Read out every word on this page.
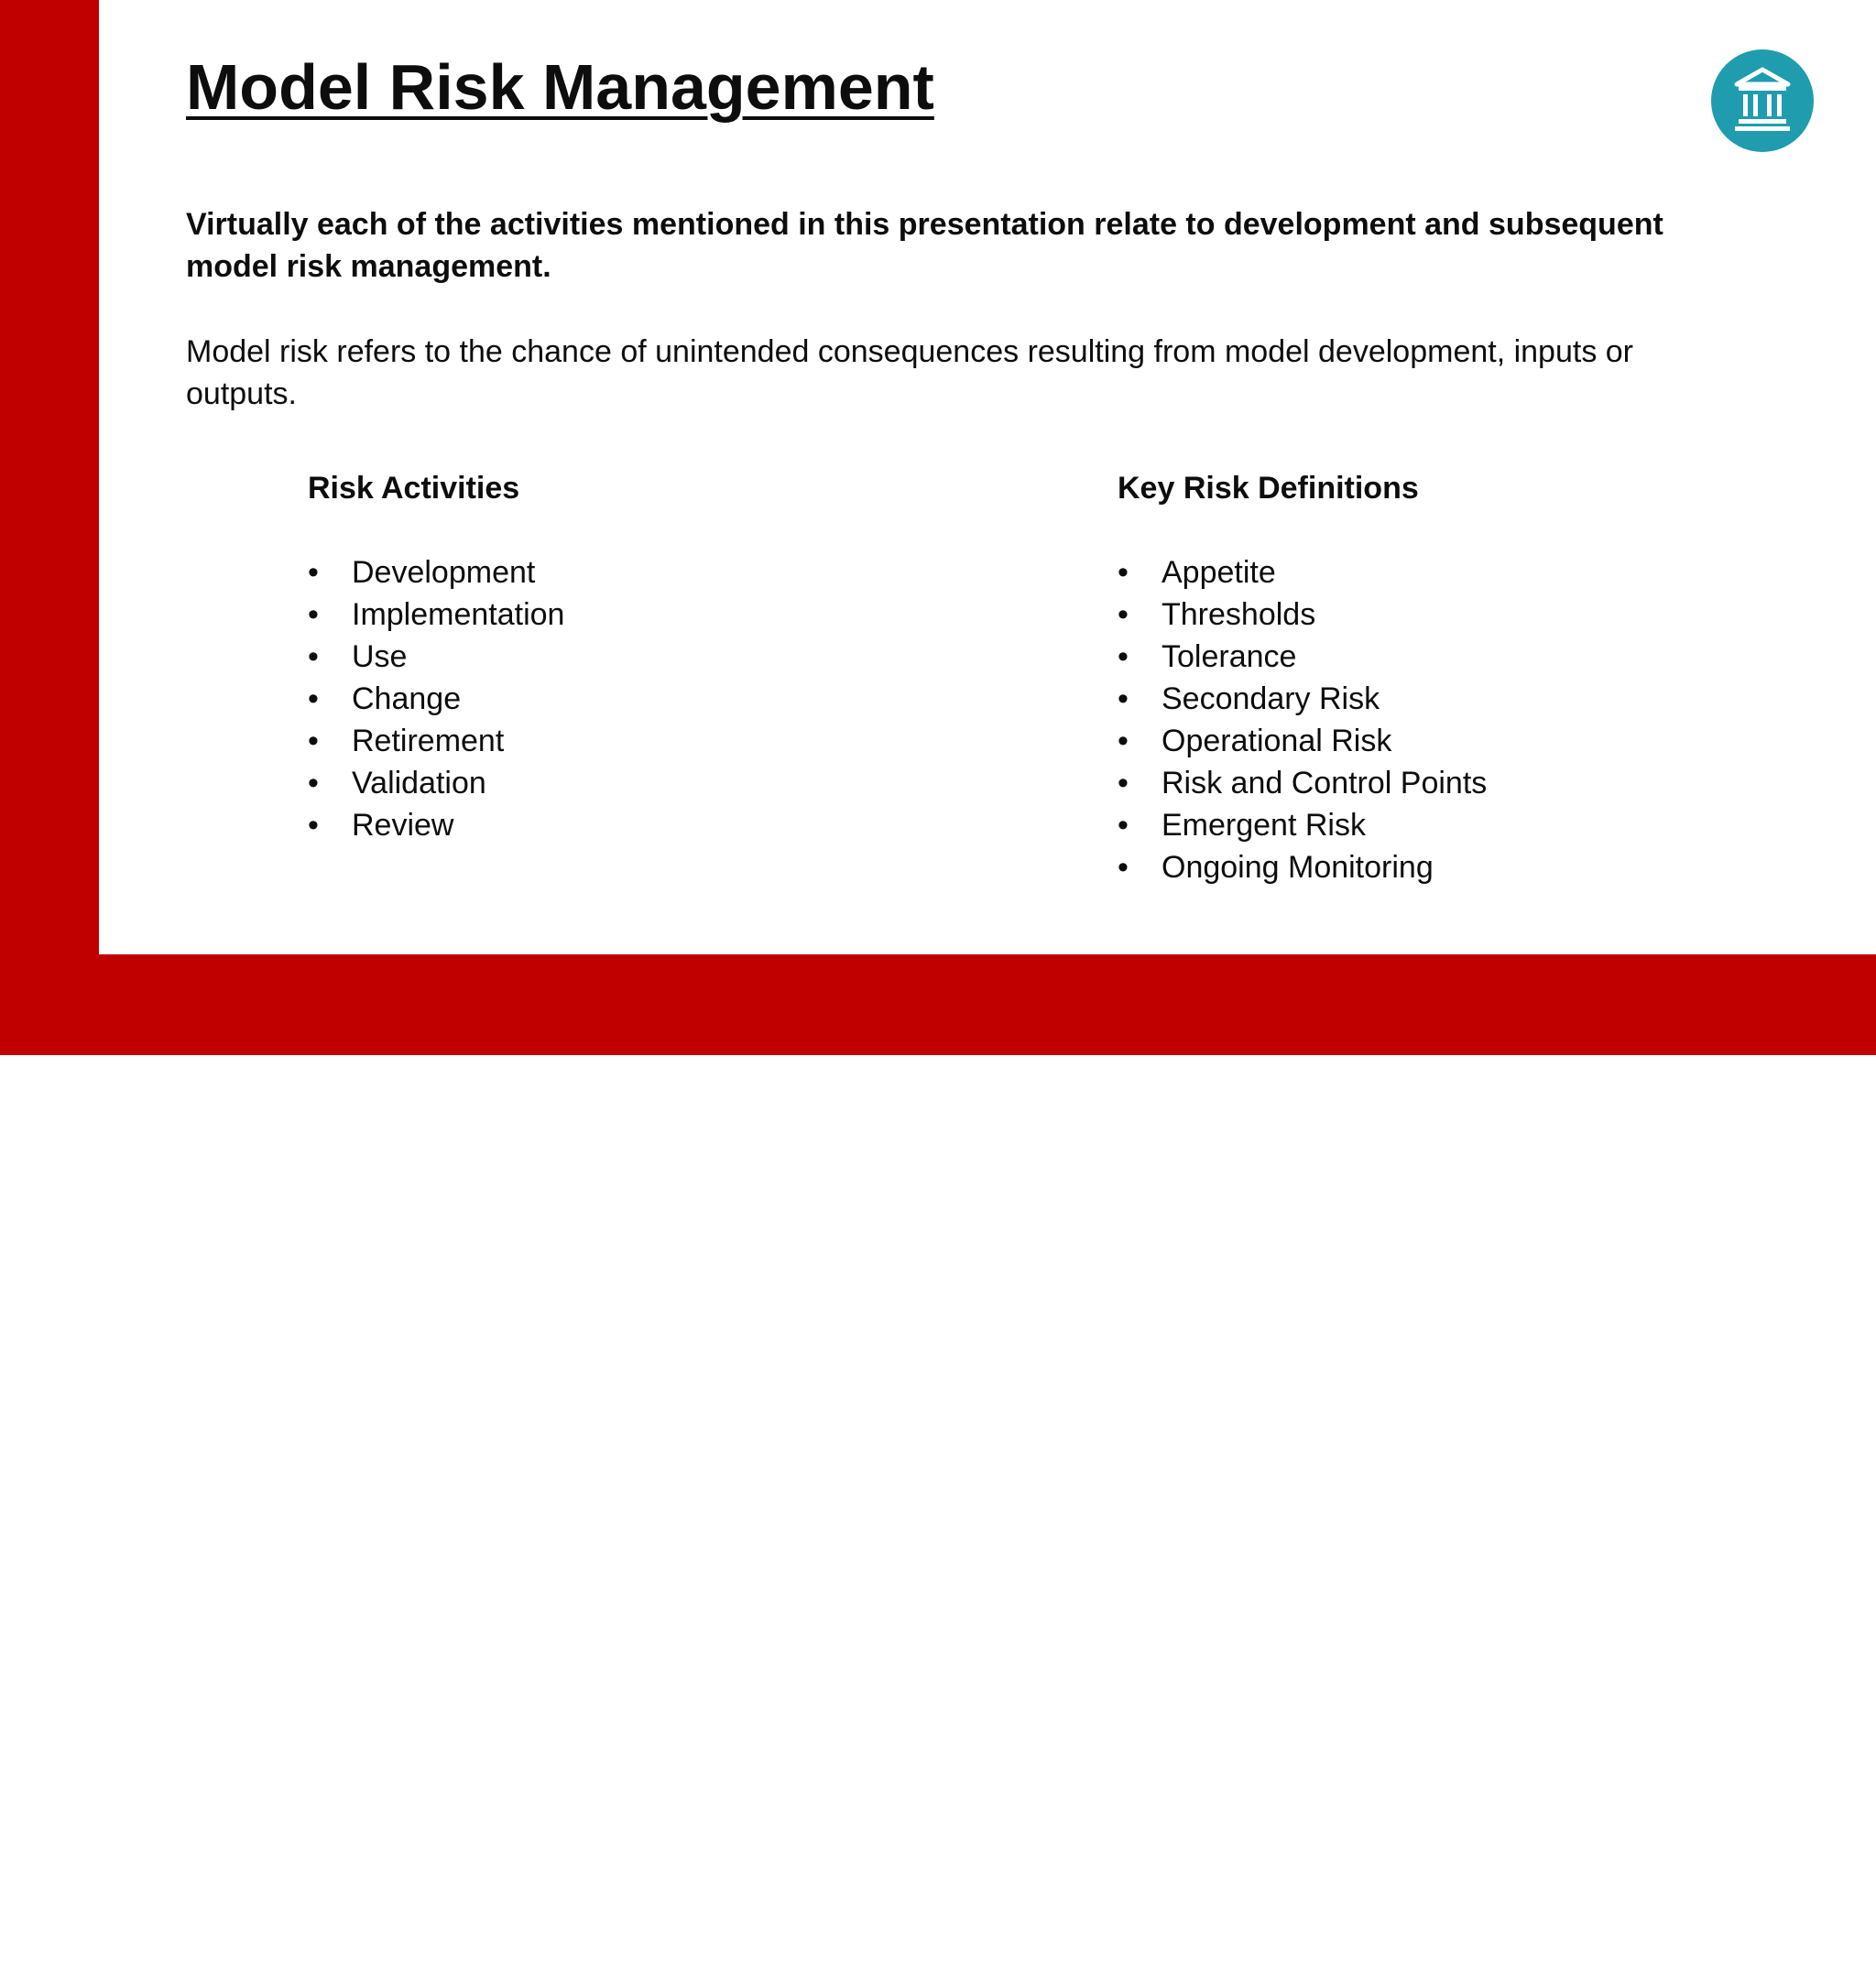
Model Risk Management

Virtually each of the activities mentioned in this presentation relate to development and subsequent model risk management.

Model risk refers to the chance of unintended consequences resulting from model development, inputs or outputs.

Risk Activities
• Development
• Implementation
• Use
• Change
• Retirement
• Validation
• Review
Key Risk Definitions
• Appetite
• Thresholds
• Tolerance
• Secondary Risk
• Operational Risk
• Risk and Control Points
• Emergent Risk
• Ongoing Monitoring
Rob Trippe, MBA
